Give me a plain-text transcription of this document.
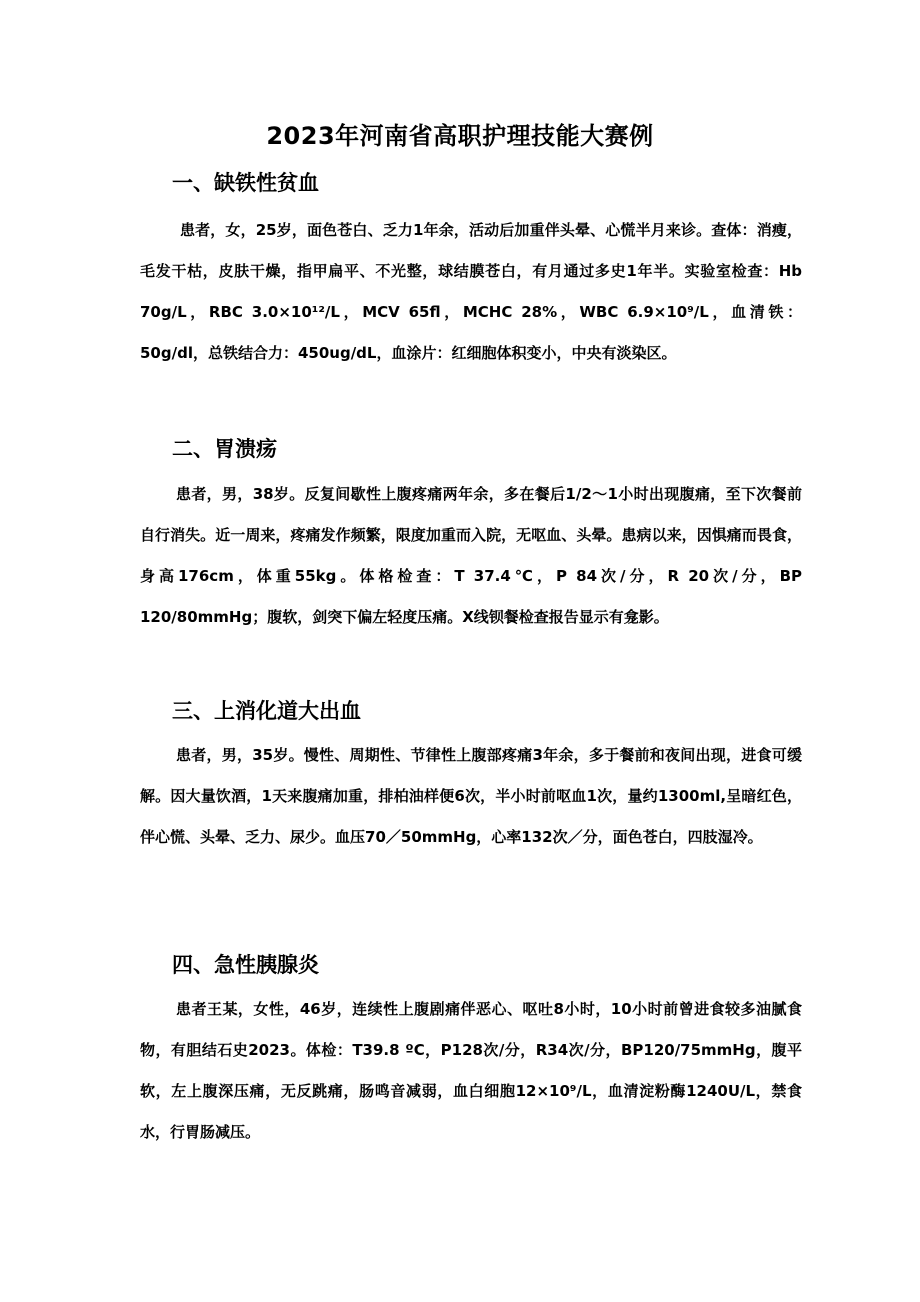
2023年河南省高职护理技能大赛例
一、缺铁性贫血

患者，女，25岁，面色苍白、乏力1年余，活动后加重伴头晕、心慌半月来诊。查体：消瘦，毛发干枯，皮肤干燥，指甲扁平、不光整，球结膜苍白，有月通过多史1年半。实验室检查：Hb 70g/L，RBC 3.0×10¹²/L，MCV 65fl，MCHC 28%，WBC 6.9×10⁹/L，血清铁：50g/dl，总铁结合力：450ug/dL，血涂片：红细胞体积变小，中央有淡染区。

二、胃溃疡

患者，男，38岁。反复间歇性上腹疼痛两年余，多在餐后1/2～1小时出现腹痛，至下次餐前自行消失。近一周来，疼痛发作频繁，限度加重而入院，无呕血、头晕。患病以来，因惧痛而畏食，身高176cm，体重55kg。体格检查：T 37.4℃，P 84次/分，R 20次/分，BP 120/80mmHg；腹软，剑突下偏左轻度压痛。X线钡餐检查报告显示有龛影。

三、上消化道大出血

患者，男，35岁。慢性、周期性、节律性上腹部疼痛3年余，多于餐前和夜间出现，进食可缓解。因大量饮酒，1天来腹痛加重，排柏油样便6次，半小时前呕血1次，量约1300ml,呈暗红色，伴心慌、头晕、乏力、尿少。血压70／50mmHg，心率132次／分，面色苍白，四肢湿冷。

四、急性胰腺炎

患者王某，女性，46岁，连续性上腹剧痛伴恶心、呕吐8小时，10小时前曾进食较多油腻食物，有胆结石史2023。体检：T39.8 ºC，P128次/分，R34次/分，BP120/75mmHg，腹平软，左上腹深压痛，无反跳痛，肠鸣音减弱，血白细胞12×10⁹/L，血清淀粉酶1240U/L，禁食水，行胃肠减压。
